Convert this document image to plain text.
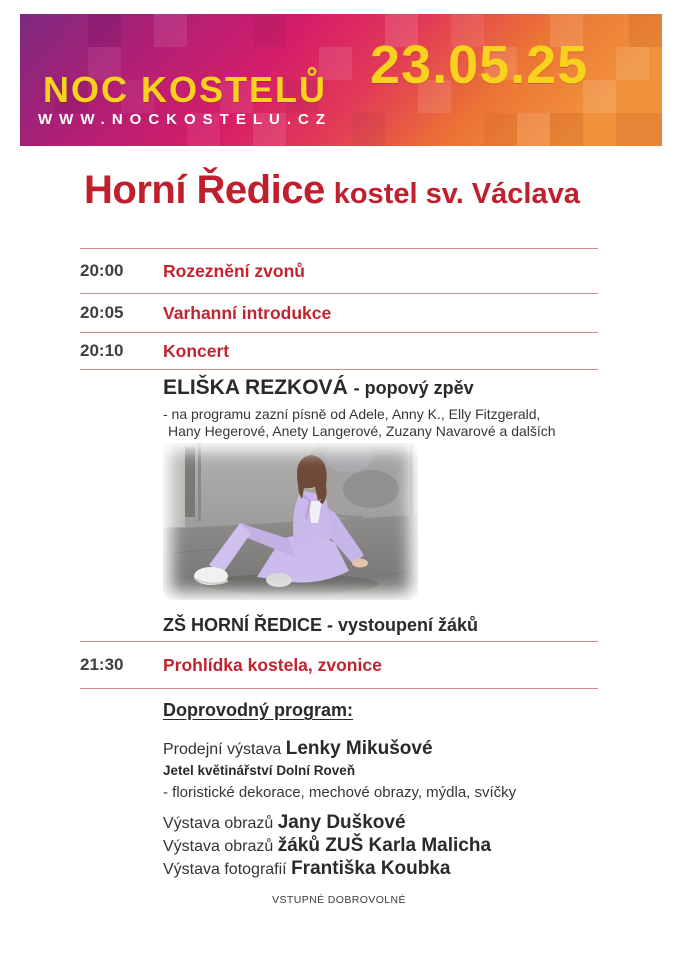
NOC KOSTELŮ
WWW.NOCKOSTELU.CZ
23.05.25
Horní Ředice kostel sv. Václava
20:00	Rozeznění zvonů
20:05	Varhanní introdukce
20:10	Koncert
ELIŠKA REZKOVÁ - popový zpěv
- na programu zazní písně od Adele, Anny K., Elly Fitzgerald,
Hany Hegerové, Anety Langerové, Zuzany Navarové a dalších
ZŠ HORNÍ ŘEDICE - vystoupení žáků
21:30	Prohlídka kostela, zvonice
Doprovodný program:
Prodejní výstava Lenky Mikušové
Jetel květinářství Dolní Roveň
- floristické dekorace, mechové obrazy, mýdla, svíčky
Výstava obrazů Jany Duškové
Výstava obrazů žáků ZUŠ Karla Malicha
Výstava fotografií Františka Koubka
VSTUPNÉ DOBROVOLNÉ
